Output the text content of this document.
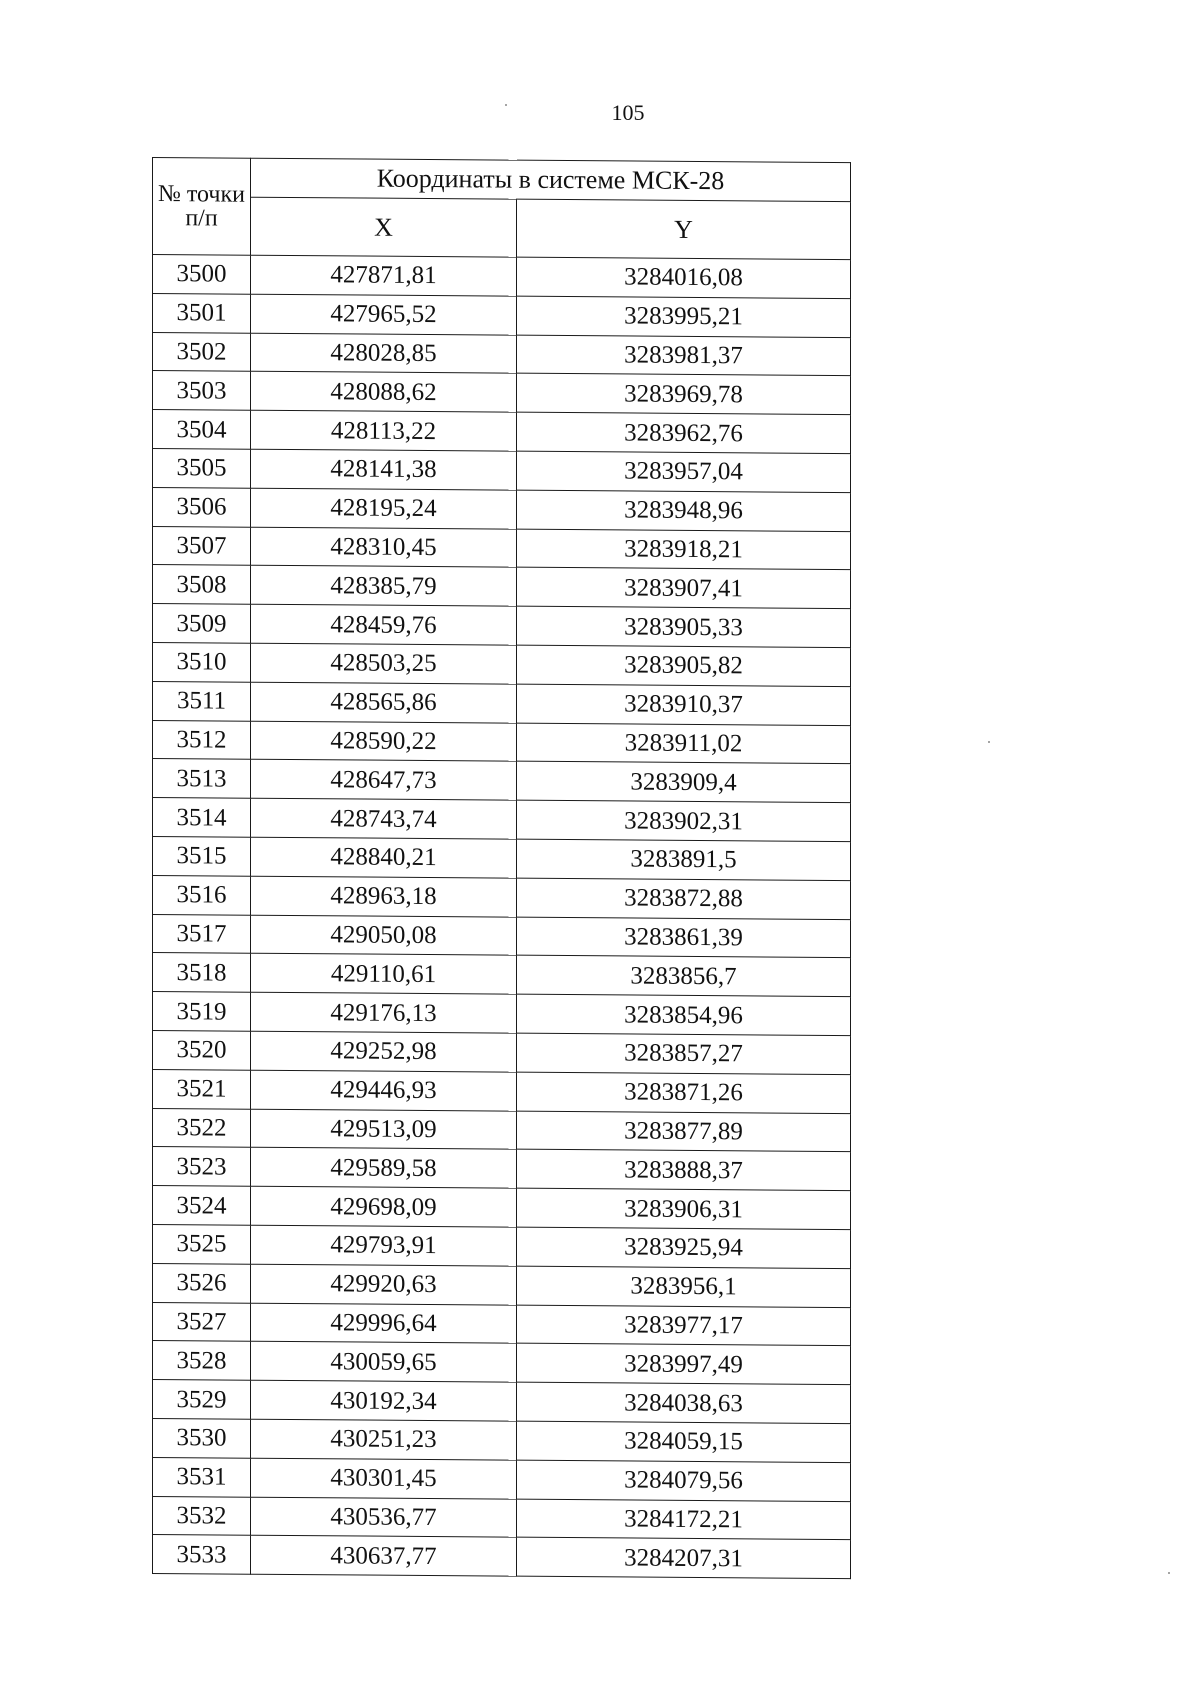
105
№ точки п/п	Координаты в системе МСК-28	
	X	Y
3500	427871,81	3284016,08
3501	427965,52	3283995,21
3502	428028,85	3283981,37
3503	428088,62	3283969,78
3504	428113,22	3283962,76
3505	428141,38	3283957,04
3506	428195,24	3283948,96
3507	428310,45	3283918,21
3508	428385,79	3283907,41
3509	428459,76	3283905,33
3510	428503,25	3283905,82
3511	428565,86	3283910,37
3512	428590,22	3283911,02
3513	428647,73	3283909,4
3514	428743,74	3283902,31
3515	428840,21	3283891,5
3516	428963,18	3283872,88
3517	429050,08	3283861,39
3518	429110,61	3283856,7
3519	429176,13	3283854,96
3520	429252,98	3283857,27
3521	429446,93	3283871,26
3522	429513,09	3283877,89
3523	429589,58	3283888,37
3524	429698,09	3283906,31
3525	429793,91	3283925,94
3526	429920,63	3283956,1
3527	429996,64	3283977,17
3528	430059,65	3283997,49
3529	430192,34	3284038,63
3530	430251,23	3284059,15
3531	430301,45	3284079,56
3532	430536,77	3284172,21
3533	430637,77	3284207,31
